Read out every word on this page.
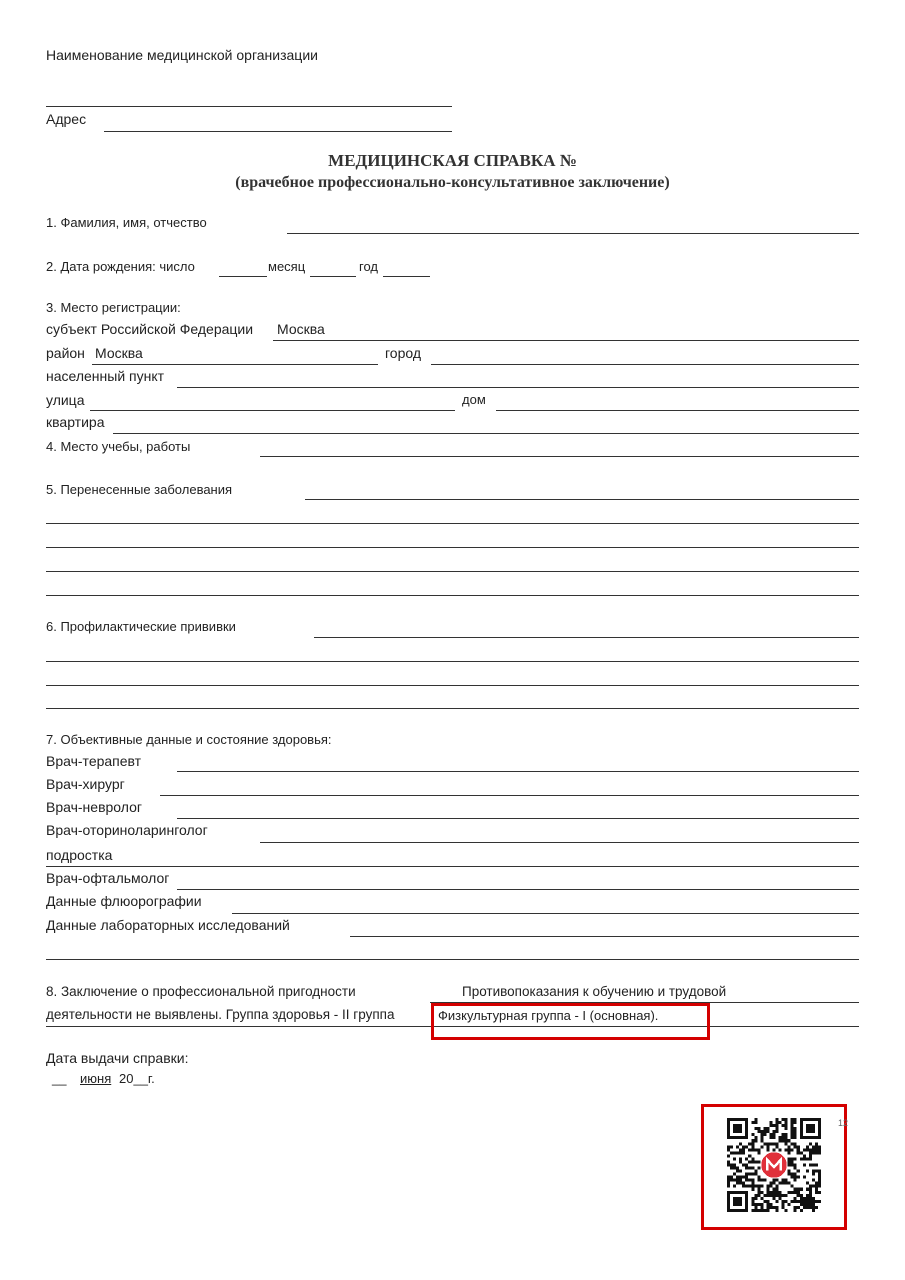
Наименование медицинской организации
Адрес
МЕДИЦИНСКАЯ СПРАВКА №
(врачебное профессионально-консультативное заключение)
1. Фамилия, имя, отчество
2. Дата рождения: число	месяц	год
3. Место регистрации:
субъект Российской Федерации Москва
район Москва	город
населенный пункт
улица	дом
квартира
4. Место учебы, работы
5. Перенесенные заболевания
6. Профилактические прививки
7. Объективные данные и состояние здоровья:
Врач-терапевт
Врач-хирург
Врач-невролог
Врач-оториноларинголог
подростка
Врач-офтальмолог
Данные флюорографии
Данные лабораторных исследований
8. Заключение о профессиональной пригодности	Противопоказания к обучению и трудовой
деятельности не выявлены. Группа здоровья - II группа	Физкультурная группа - I (основная).
Дата выдачи справки:
__ июня 20__г.
12
